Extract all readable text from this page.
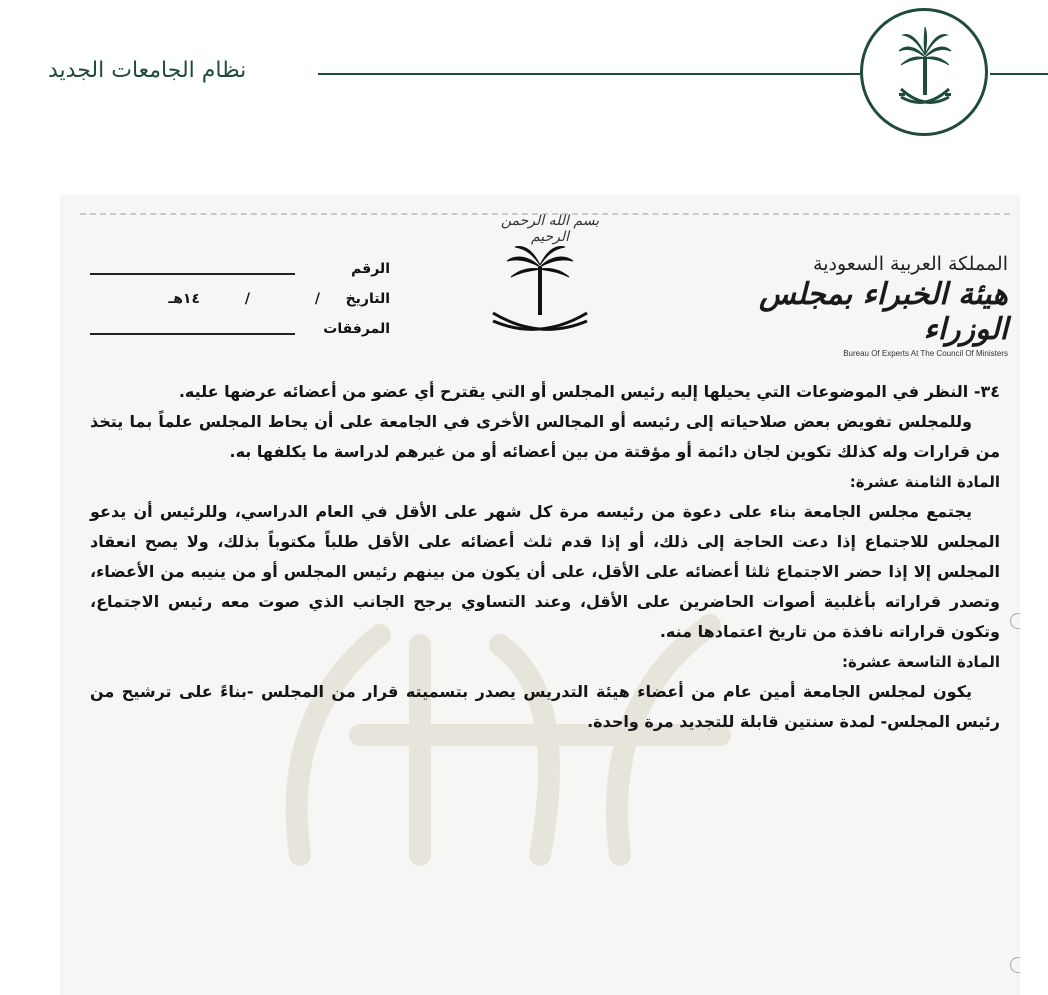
نظام الجامعات الجديد
بسم الله الرحمن الرحيم
المملكة العربية السعودية
هيئة الخبراء بمجلس الوزراء
Bureau Of Experts At The Council Of Ministers
الرقم
التاريخ
/ / ١٤هـ
المرفقات

٣٤- النظر في الموضوعات التي يحيلها إليه رئيس المجلس أو التي يقترح أي عضو من أعضائه عرضها عليه.

وللمجلس تفويض بعض صلاحياته إلى رئيسه أو المجالس الأخرى في الجامعة على أن يحاط المجلس علماً بما يتخذ من قرارات وله كذلك تكوين لجان دائمة أو مؤقتة من بين أعضائه أو من غيرهم لدراسة ما يكلفها به.

المادة الثامنة عشرة:

يجتمع مجلس الجامعة بناء على دعوة من رئيسه مرة كل شهر على الأقل في العام الدراسي، وللرئيس أن يدعو المجلس للاجتماع إذا دعت الحاجة إلى ذلك، أو إذا قدم ثلث أعضائه على الأقل طلباً مكتوباً بذلك، ولا يصح انعقاد المجلس إلا إذا حضر الاجتماع ثلثا أعضائه على الأقل، على أن يكون من بينهم رئيس المجلس أو من ينيبه من الأعضاء، وتصدر قراراته بأغلبية أصوات الحاضرين على الأقل، وعند التساوي يرجح الجانب الذي صوت معه رئيس الاجتماع، وتكون قراراته نافذة من تاريخ اعتمادها منه.

المادة التاسعة عشرة:

يكون لمجلس الجامعة أمين عام من أعضاء هيئة التدريس يصدر بتسميته قرار من المجلس -بناءً على ترشيح من رئيس المجلس- لمدة سنتين قابلة للتجديد مرة واحدة.
